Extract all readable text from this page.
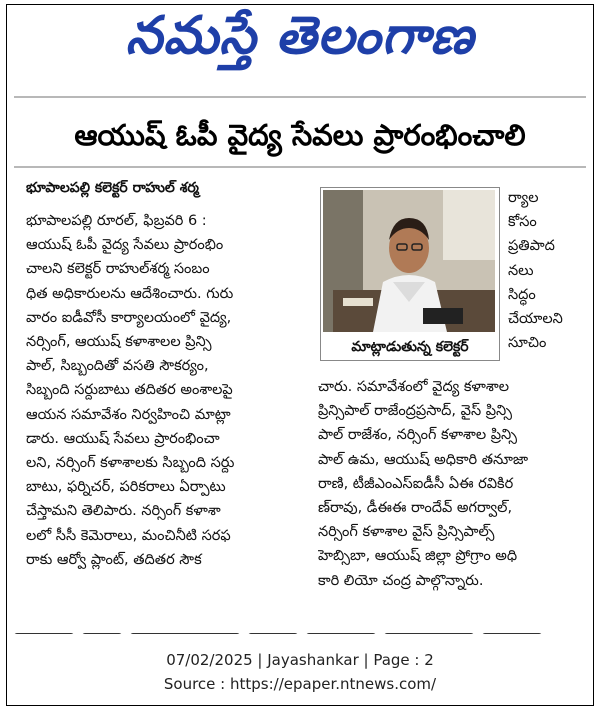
నమస్తే తెలంగాణ
ఆయుష్ ఓపీ వైద్య సేవలు ప్రారంభించాలి
భూపాలపల్లి కలెక్టర్ రాహుల్ శర్మ
భూపాలపల్లి రూరల్, ఫిబ్రవరి 6 :
ఆయుష్ ఓపీ వైద్య సేవలు ప్రారంభిం
చాలని కలెక్టర్ రాహుల్‌శర్మ సంబం
ధిత అధికారులను ఆదేశించారు. గురు
వారం ఐడీవోసీ కార్యాలయంలో వైద్య,
నర్సింగ్, ఆయుష్ కళాశాలల ప్రిన్సి
పాల్, సిబ్బందితో వసతి సౌకర్యం,
సిబ్బంది సర్దుబాటు తదితర అంశాలపై
ఆయన సమావేశం నిర్వహించి మాట్లా
డారు. ఆయుష్ సేవలు ప్రారంభించా
లని, నర్సింగ్ కళాశాలకు సిబ్బంది సర్దు
బాటు, ఫర్నిచర్, పరికరాలు ఏర్పాటు
చేస్తామని తెలిపారు. నర్సింగ్ కళాశా
లలో సీసీ కెమెరాలు, మంచినీటి సరఫ
రాకు ఆర్వో ప్లాంట్, తదితర సౌక
మాట్లాడుతున్న కలెక్టర్
ర్యాల
కోసం
ప్రతిపాద
నలు
సిద్ధం
చేయాలని
సూచిం
చారు. సమావేశంలో వైద్య కళాశాల
ప్రిన్సిపాల్ రాజేంద్రప్రసాద్, వైస్ ప్రిన్సి
పాల్ రాజేశం, నర్సింగ్ కళాశాల ప్రిన్సి
పాల్ ఉమ, ఆయుష్ అధికారి తనూజా
రాణి, టీజీఎంఎస్ఐడీసీ ఏఈ రవికిర
ణ్‌రావు, డీఈఈ రాందేవ్ అగర్వాల్,
నర్సింగ్ కళాశాల వైస్ ప్రిన్సిపాల్స్
హెబ్సిబా, ఆయుష్ జిల్లా ప్రోగ్రాం అధి
కారి లియో చంద్ర పాల్గొన్నారు.
07/02/2025 | Jayashankar | Page : 2
Source : https://epaper.ntnews.com/
